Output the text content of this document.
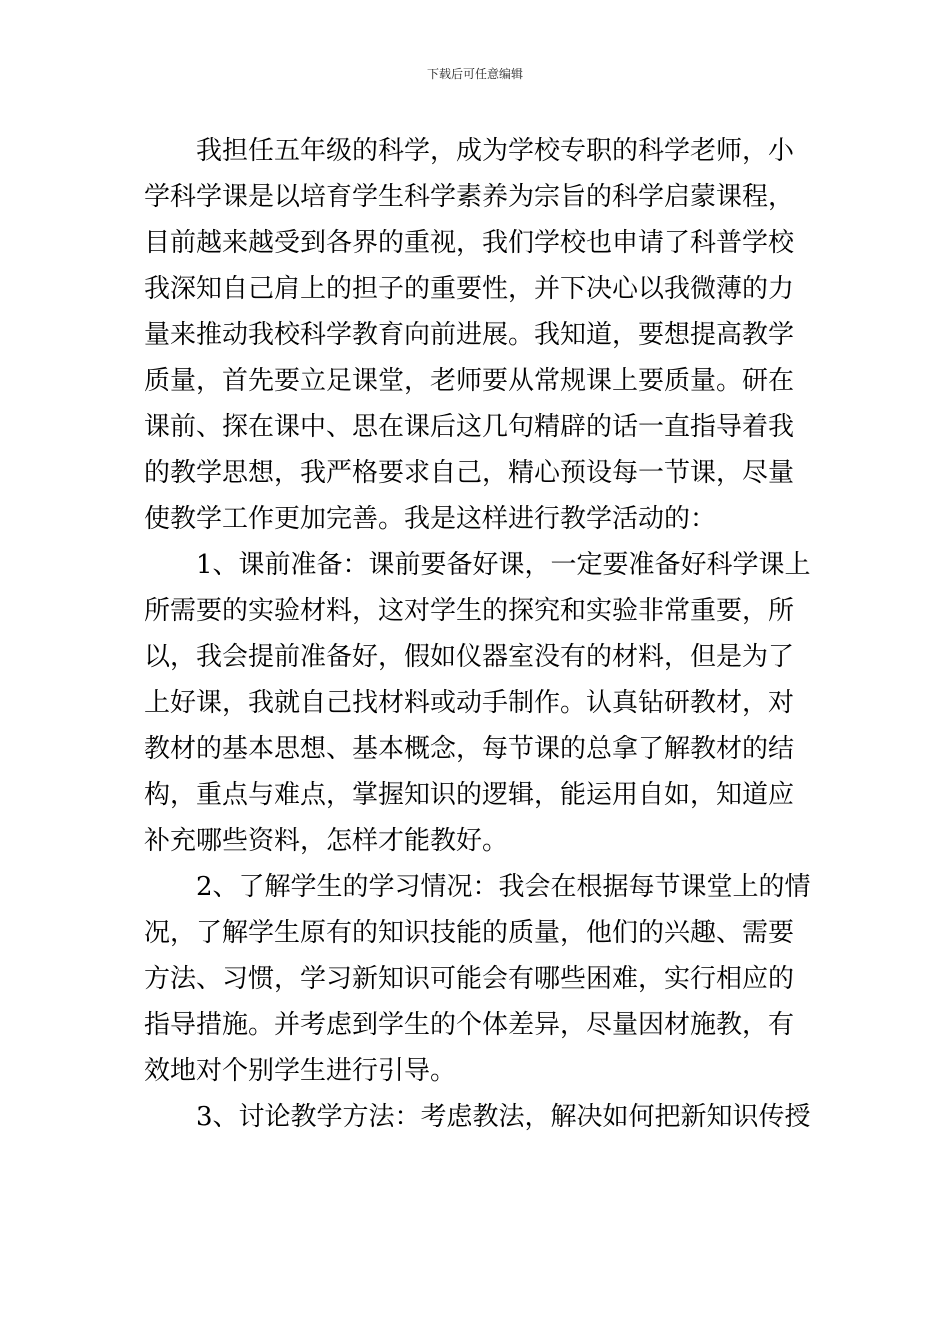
下载后可任意编辑
我担任五年级的科学，成为学校专职的科学老师，小
学科学课是以培育学生科学素养为宗旨的科学启蒙课程，
目前越来越受到各界的重视，我们学校也申请了科普学校
我深知自己肩上的担子的重要性，并下决心以我微薄的力
量来推动我校科学教育向前进展。我知道，要想提高教学
质量，首先要立足课堂，老师要从常规课上要质量。研在
课前、探在课中、思在课后这几句精辟的话一直指导着我
的教学思想，我严格要求自己，精心预设每一节课，尽量
使教学工作更加完善。我是这样进行教学活动的：
1、课前准备：课前要备好课，一定要准备好科学课上
所需要的实验材料，这对学生的探究和实验非常重要，所
以，我会提前准备好，假如仪器室没有的材料，但是为了
上好课，我就自己找材料或动手制作。认真钻研教材，对
教材的基本思想、基本概念，每节课的总拿了解教材的结
构，重点与难点，掌握知识的逻辑，能运用自如，知道应
补充哪些资料，怎样才能教好。
2、了解学生的学习情况：我会在根据每节课堂上的情
况，了解学生原有的知识技能的质量，他们的兴趣、需要
方法、习惯，学习新知识可能会有哪些困难，实行相应的
指导措施。并考虑到学生的个体差异，尽量因材施教，有
效地对个别学生进行引导。
3、讨论教学方法：考虑教法，解决如何把新知识传授
